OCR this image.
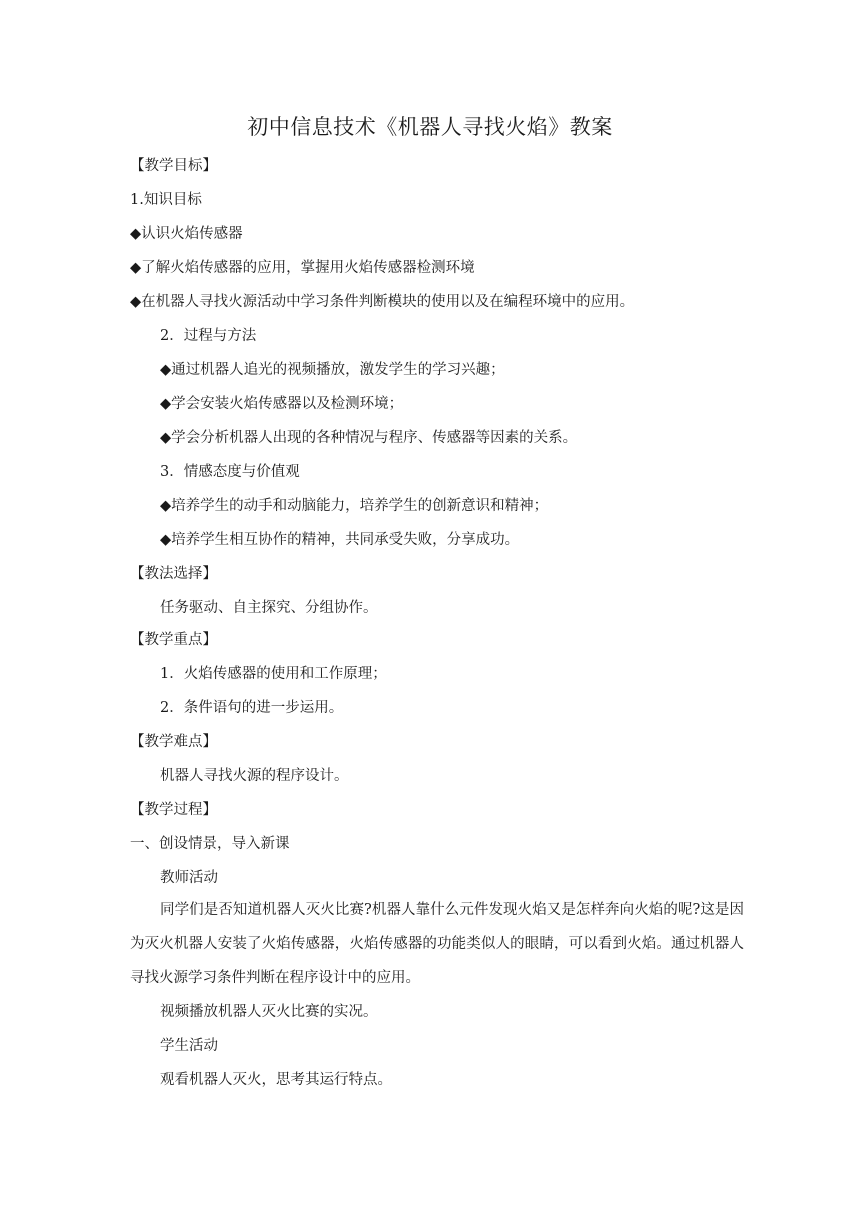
初中信息技术《机器人寻找火焰》教案

【教学目标】

1.知识目标

◆认识火焰传感器

◆了解火焰传感器的应用，掌握用火焰传感器检测环境

◆在机器人寻找火源活动中学习条件判断模块的使用以及在编程环境中的应用。

2．过程与方法

◆通过机器人追光的视频播放，激发学生的学习兴趣；

◆学会安装火焰传感器以及检测环境；

◆学会分析机器人出现的各种情况与程序、传感器等因素的关系。

3．情感态度与价值观

◆培养学生的动手和动脑能力，培养学生的创新意识和精神；

◆培养学生相互协作的精神，共同承受失败，分享成功。

【教法选择】

任务驱动、自主探究、分组协作。

【教学重点】

1．火焰传感器的使用和工作原理；

2．条件语句的进一步运用。

【教学难点】

机器人寻找火源的程序设计。

【教学过程】

一、创设情景，导入新课

教师活动

同学们是否知道机器人灭火比赛?机器人靠什么元件发现火焰又是怎样奔向火焰的呢?这是因为灭火机器人安装了火焰传感器，火焰传感器的功能类似人的眼睛，可以看到火焰。通过机器人寻找火源学习条件判断在程序设计中的应用。

视频播放机器人灭火比赛的实况。

学生活动

观看机器人灭火，思考其运行特点。
